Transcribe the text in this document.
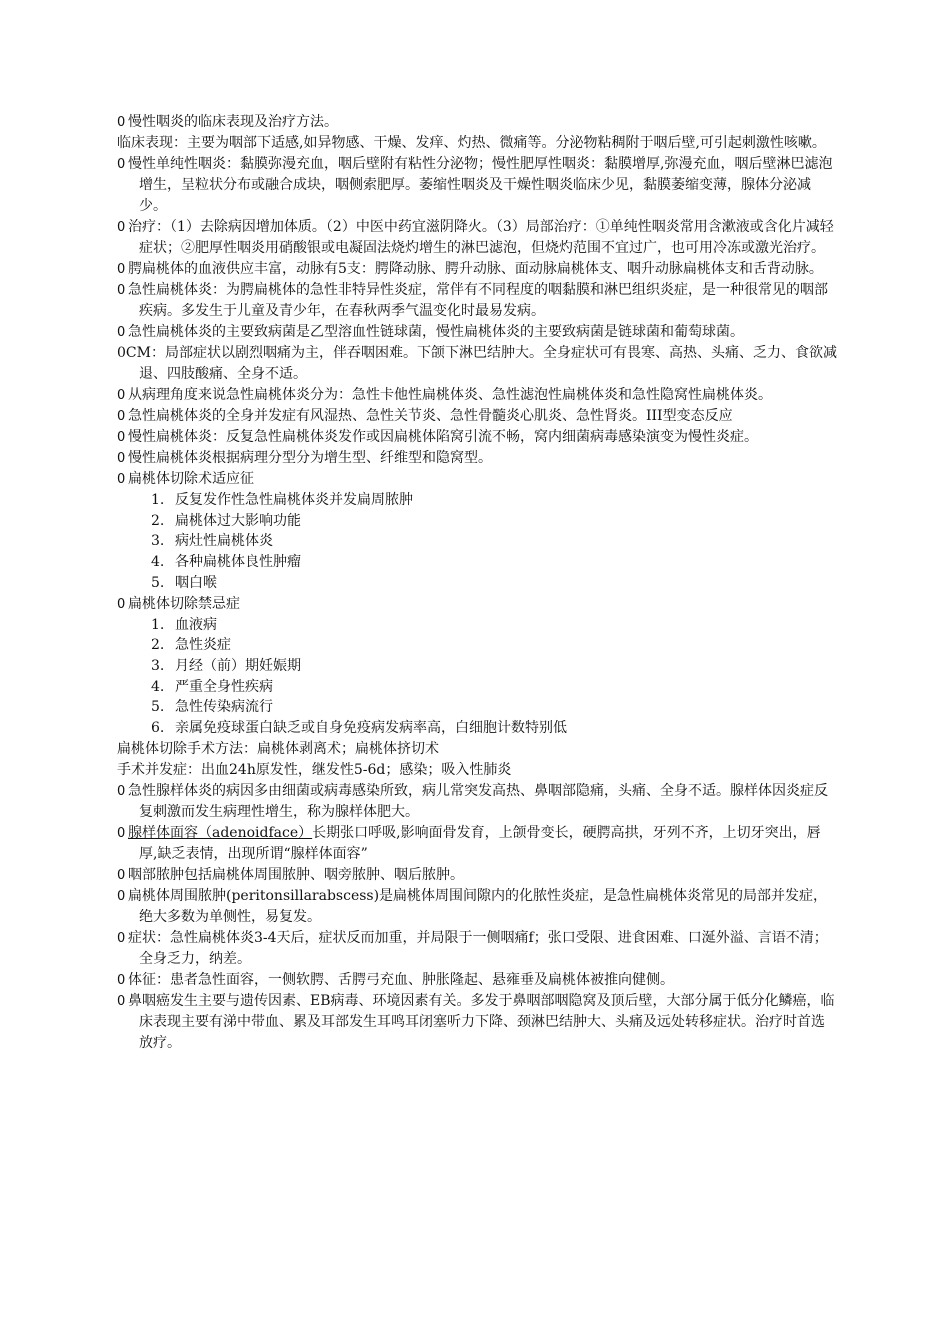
0 慢性咽炎的临床表现及治疗方法。

临床表现：主要为咽部下适感,如异物感、干燥、发痒、灼热、微痛等。分泌物粘稠附于咽后壁,可引起刺激性咳嗽。

0 慢性单纯性咽炎：黏膜弥漫充血，咽后壁附有粘性分泌物；慢性肥厚性咽炎：黏膜增厚,弥漫充血，咽后壁淋巴滤泡增生，呈粒状分布或融合成块，咽侧索肥厚。萎缩性咽炎及干燥性咽炎临床少见，黏膜萎缩变薄，腺体分泌减少。

0 治疗：（1）去除病因增加体质。（2）中医中药宜滋阴降火。（3）局部治疗：①单纯性咽炎常用含漱液或含化片减轻症状；②肥厚性咽炎用硝酸银或电凝固法烧灼增生的淋巴滤泡，但烧灼范围不宜过广，也可用冷冻或激光治疗。

0 腭扁桃体的血液供应丰富，动脉有5支：腭降动脉、腭升动脉、面动脉扁桃体支、咽升动脉扁桃体支和舌背动脉。

0 急性扁桃体炎：为腭扁桃体的急性非特异性炎症，常伴有不同程度的咽黏膜和淋巴组织炎症，是一种很常见的咽部疾病。多发生于儿童及青少年，在春秋两季气温变化时最易发病。

0 急性扁桃体炎的主要致病菌是乙型溶血性链球菌，慢性扁桃体炎的主要致病菌是链球菌和葡萄球菌。

0CM：局部症状以剧烈咽痛为主，伴吞咽困难。下颌下淋巴结肿大。全身症状可有畏寒、高热、头痛、乏力、食欲减退、四肢酸痛、全身不适。

0 从病理角度来说急性扁桃体炎分为：急性卡他性扁桃体炎、急性滤泡性扁桃体炎和急性隐窝性扁桃体炎。

0 急性扁桃体炎的全身并发症有风湿热、急性关节炎、急性骨髓炎心肌炎、急性肾炎。III型变态反应

0 慢性扁桃体炎：反复急性扁桃体炎发作或因扁桃体陷窝引流不畅，窝内细菌病毒感染演变为慢性炎症。

0 慢性扁桃体炎根据病理分型分为增生型、纤维型和隐窝型。

0 扁桃体切除术适应征

1. 反复发作性急性扁桃体炎并发扁周脓肿
2. 扁桃体过大影响功能
3. 病灶性扁桃体炎
4. 各种扁桃体良性肿瘤
5. 咽白喉

0 扁桃体切除禁忌症

1. 血液病
2. 急性炎症
3. 月经（前）期妊娠期
4. 严重全身性疾病
5. 急性传染病流行
6. 亲属免疫球蛋白缺乏或自身免疫病发病率高，白细胞计数特别低

扁桃体切除手术方法：扁桃体剥离术；扁桃体挤切术

手术并发症：出血24h原发性，继发性5-6d；感染；吸入性肺炎

0 急性腺样体炎的病因多由细菌或病毒感染所致，病儿常突发高热、鼻咽部隐痛，头痛、全身不适。腺样体因炎症反复刺激而发生病理性增生，称为腺样体肥大。

0 腺样体面容（adenoidface）长期张口呼吸,影响面骨发育，上颌骨变长，硬腭高拱，牙列不齐，上切牙突出，唇厚,缺乏表情，出现所谓“腺样体面容”

0 咽部脓肿包括扁桃体周围脓肿、咽旁脓肿、咽后脓肿。

0 扁桃体周围脓肿(peritonsillarabscess)是扁桃体周围间隙内的化脓性炎症，是急性扁桃体炎常见的局部并发症，绝大多数为单侧性，易复发。

0 症状：急性扁桃体炎3-4天后，症状反而加重，并局限于一侧咽痛f；张口受限、进食困难、口涎外溢、言语不清；全身乏力，纳差。

0 体征：患者急性面容，一侧软腭、舌腭弓充血、肿胀隆起、悬雍垂及扁桃体被推向健侧。

0 鼻咽癌发生主要与遗传因素、EB病毒、环境因素有关。多发于鼻咽部咽隐窝及顶后壁，大部分属于低分化鳞癌，临床表现主要有涕中带血、累及耳部发生耳鸣耳闭塞听力下降、颈淋巴结肿大、头痛及远处转移症状。治疗时首选放疗。
